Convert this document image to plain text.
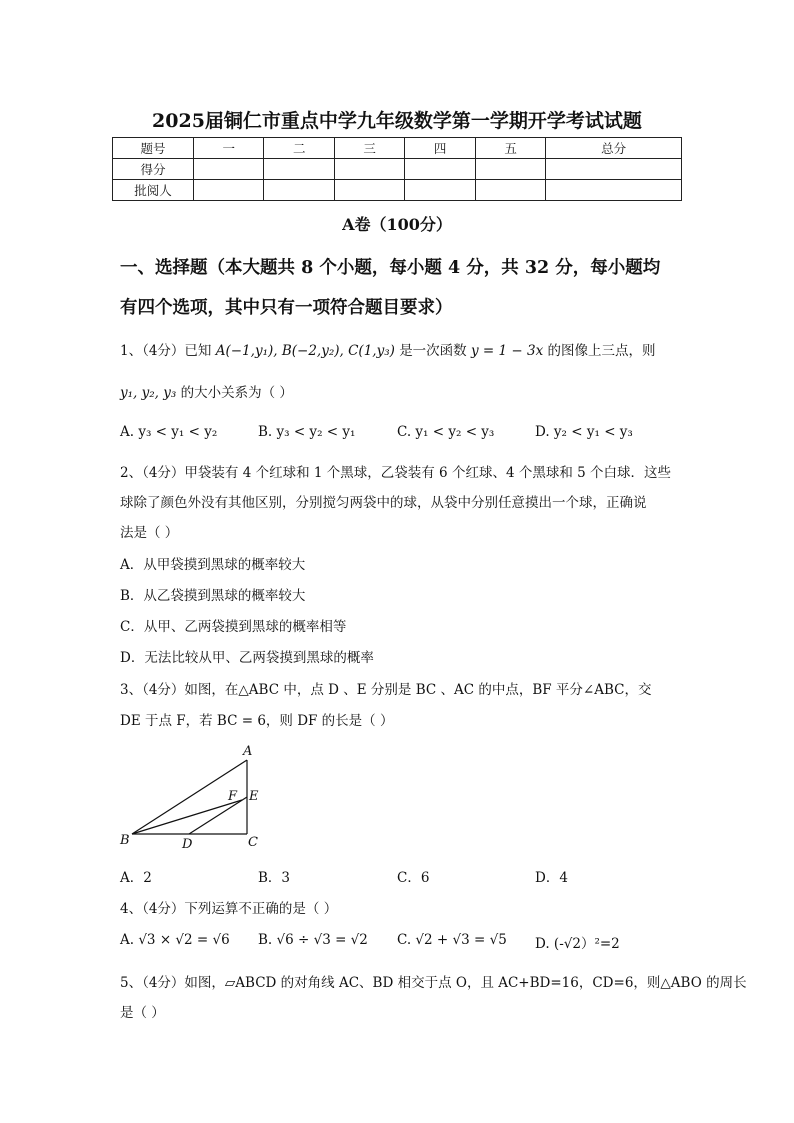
2025届铜仁市重点中学九年级数学第一学期开学考试试题
题号	一	二	三	四	五	总分
得分						
批阅人						
A卷（100分）
一、选择题（本大题共 8 个小题，每小题 4 分，共 32 分，每小题均
有四个选项，其中只有一项符合题目要求）
1、（4分）已知 A(−1,y₁), B(−2,y₂), C(1,y₃) 是一次函数 y = 1 − 3x 的图像上三点，则
y₁, y₂, y₃ 的大小关系为（ ）
A. y₃ < y₁ < y₂	B. y₃ < y₂ < y₁	C. y₁ < y₂ < y₃	D. y₂ < y₁ < y₃
2、（4分）甲袋装有 4 个红球和 1 个黑球，乙袋装有 6 个红球、4 个黑球和 5 个白球．这些
球除了颜色外没有其他区别，分别搅匀两袋中的球，从袋中分别任意摸出一个球，正确说
法是（ ）
A．从甲袋摸到黑球的概率较大
B．从乙袋摸到黑球的概率较大
C．从甲、乙两袋摸到黑球的概率相等
D．无法比较从甲、乙两袋摸到黑球的概率
3、（4分）如图，在△ABC 中，点 D 、E 分别是 BC 、AC 的中点，BF 平分∠ABC，交
DE 于点 F，若 BC = 6，则 DF 的长是（ ）
A
B	C
D
E
F
A．2	B．3	C．6	D．4
4、（4分）下列运算不正确的是（ ）
A. √3 × √2 = √6 B. √6 ÷ √3 = √2 C. √2 + √3 = √5 D. (-√2）²=2
5、（4分）如图，▱ABCD 的对角线 AC、BD 相交于点 O，且 AC+BD=16，CD=6，则△ABO 的周长
是（ ）
